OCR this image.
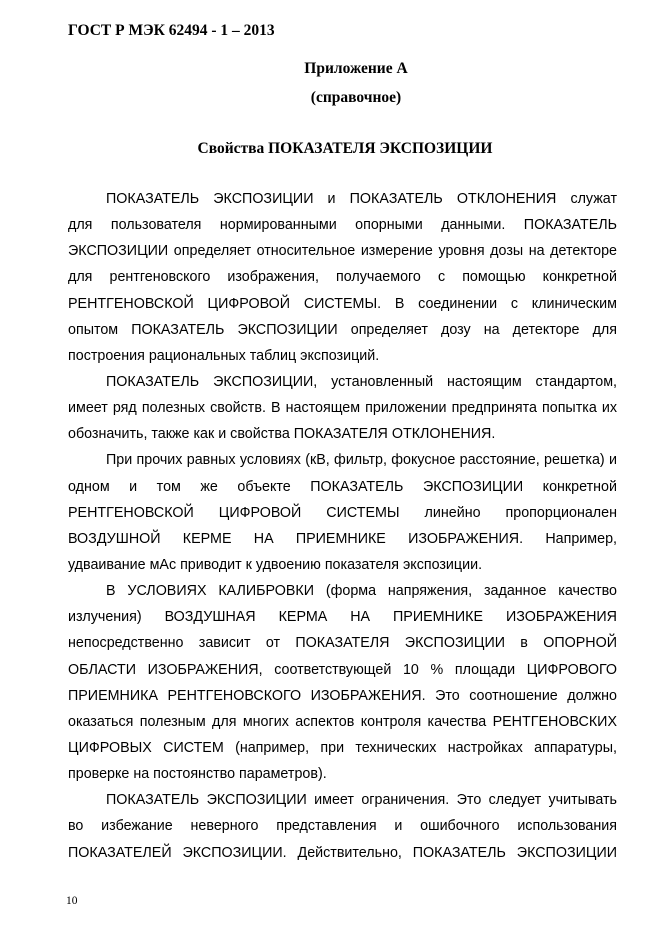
ГОСТ Р МЭК 62494 - 1 – 2013
Приложение А
(справочное)
Свойства ПОКАЗАТЕЛЯ ЭКСПОЗИЦИИ
ПОКАЗАТЕЛЬ ЭКСПОЗИЦИИ и ПОКАЗАТЕЛЬ ОТКЛОНЕНИЯ служат
для пользователя нормированными опорными данными. ПОКАЗАТЕЛЬ
ЭКСПОЗИЦИИ определяет относительное измерение уровня дозы на детекторе
для рентгеновского изображения, получаемого с помощью конкретной
РЕНТГЕНОВСКОЙ ЦИФРОВОЙ СИСТЕМЫ. В соединении с клиническим
опытом ПОКАЗАТЕЛЬ ЭКСПОЗИЦИИ определяет дозу на детекторе для
построения рациональных таблиц экспозиций.
ПОКАЗАТЕЛЬ ЭКСПОЗИЦИИ, установленный настоящим стандартом,
имеет ряд полезных свойств. В настоящем приложении предпринята попытка их
обозначить, также как и свойства ПОКАЗАТЕЛЯ ОТКЛОНЕНИЯ.
При прочих равных условиях (кВ, фильтр, фокусное расстояние, решетка) и
одном и том же объекте ПОКАЗАТЕЛЬ ЭКСПОЗИЦИИ конкретной
РЕНТГЕНОВСКОЙ ЦИФРОВОЙ СИСТЕМЫ линейно пропорционален
ВОЗДУШНОЙ КЕРМЕ НА ПРИЕМНИКЕ ИЗОБРАЖЕНИЯ. Например,
удваивание мАс приводит к удвоению показателя экспозиции.
В УСЛОВИЯХ КАЛИБРОВКИ (форма напряжения, заданное качество
излучения) ВОЗДУШНАЯ КЕРМА НА ПРИЕМНИКЕ ИЗОБРАЖЕНИЯ
непосредственно зависит от ПОКАЗАТЕЛЯ ЭКСПОЗИЦИИ в ОПОРНОЙ
ОБЛАСТИ ИЗОБРАЖЕНИЯ, соответствующей 10 % площади ЦИФРОВОГО
ПРИЕМНИКА РЕНТГЕНОВСКОГО ИЗОБРАЖЕНИЯ. Это соотношение должно
оказаться полезным для многих аспектов контроля качества РЕНТГЕНОВСКИХ
ЦИФРОВЫХ СИСТЕМ (например, при технических настройках аппаратуры,
проверке на постоянство параметров).
ПОКАЗАТЕЛЬ ЭКСПОЗИЦИИ имеет ограничения. Это следует учитывать
во избежание неверного представления и ошибочного использования
ПОКАЗАТЕЛЕЙ ЭКСПОЗИЦИИ. Действительно, ПОКАЗАТЕЛЬ ЭКСПОЗИЦИИ
10
